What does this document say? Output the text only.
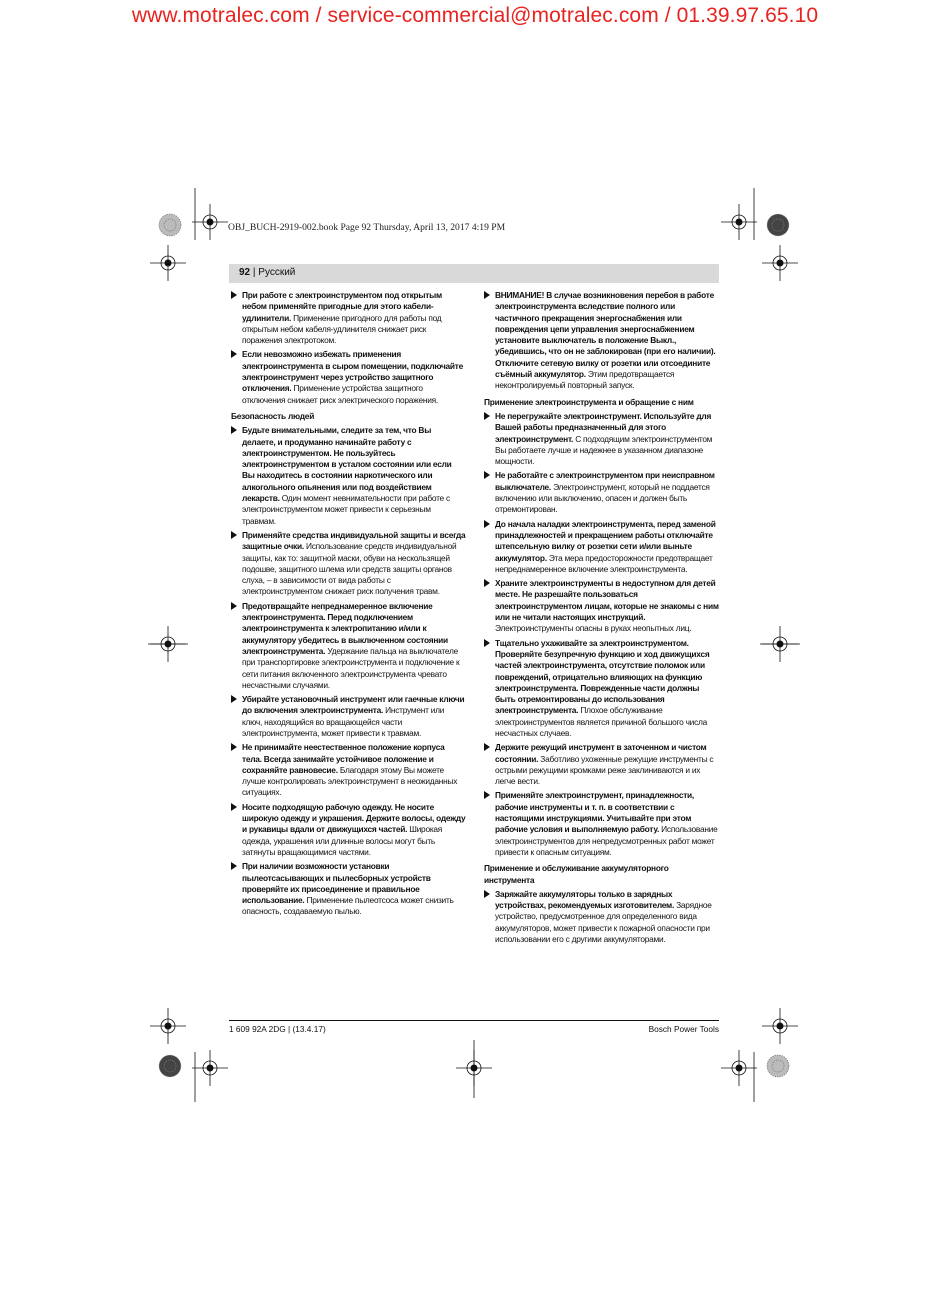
www.motralec.com / service-commercial@motralec.com / 01.39.97.65.10
OBJ_BUCH-2919-002.book Page 92 Thursday, April 13, 2017 4:19 PM
92 | Русский
При работе с электроинструментом под открытым небом применяйте пригодные для этого кабели-удлинители. Применение пригодного для работы под открытым небом кабеля-удлинителя снижает риск поражения электротоком.
Если невозможно избежать применения электроинструмента в сыром помещении, подключайте электроинструмент через устройство защитного отключения. Применение устройства защитного отключения снижает риск электрического поражения.
Безопасность людей
Будьте внимательными, следите за тем, что Вы делаете, и продуманно начинайте работу с электроинструментом. Не пользуйтесь электроинструментом в усталом состоянии или если Вы находитесь в состоянии наркотического или алкогольного опьянения или под воздействием лекарств. Один момент невнимательности при работе с электроинструментом может привести к серьезным травмам.
Применяйте средства индивидуальной защиты и всегда защитные очки. Использование средств индивидуальной защиты, как то: защитной маски, обуви на нескользящей подошве, защитного шлема или средств защиты органов слуха, – в зависимости от вида работы с электроинструментом снижает риск получения травм.
Предотвращайте непреднамеренное включение электроинструмента. Перед подключением электроинструмента к электропитанию и/или к аккумулятору убедитесь в выключенном состоянии электроинструмента. Удержание пальца на выключателе при транспортировке электроинструмента и подключение к сети питания включенного электроинструмента чревато несчастными случаями.
Убирайте установочный инструмент или гаечные ключи до включения электроинструмента. Инструмент или ключ, находящийся во вращающейся части электроинструмента, может привести к травмам.
Не принимайте неестественное положение корпуса тела. Всегда занимайте устойчивое положение и сохраняйте равновесие. Благодаря этому Вы можете лучше контролировать электроинструмент в неожиданных ситуациях.
Носите подходящую рабочую одежду. Не носите широкую одежду и украшения. Держите волосы, одежду и рукавицы вдали от движущихся частей. Широкая одежда, украшения или длинные волосы могут быть затянуты вращающимися частями.
При наличии возможности установки пылеотсасывающих и пылесборных устройств проверяйте их присоединение и правильное использование. Применение пылеотсоса может снизить опасность, создаваемую пылью.
ВНИМАНИЕ! В случае возникновения перебоя в работе электроинструмента вследствие полного или частичного прекращения энергоснабжения или повреждения цепи управления энергоснабжением установите выключатель в положение Выкл., убедившись, что он не заблокирован (при его наличии). Отключите сетевую вилку от розетки или отсоедините съёмный аккумулятор. Этим предотвращается неконтролируемый повторный запуск.
Применение электроинструмента и обращение с ним
Не перегружайте электроинструмент. Используйте для Вашей работы предназначенный для этого электроинструмент. С подходящим электроинструментом Вы работаете лучше и надежнее в указанном диапазоне мощности.
Не работайте с электроинструментом при неисправном выключателе. Электроинструмент, который не поддается включению или выключению, опасен и должен быть отремонтирован.
До начала наладки электроинструмента, перед заменой принадлежностей и прекращением работы отключайте штепсельную вилку от розетки сети и/или выньте аккумулятор. Эта мера предосторожности предотвращает непреднамеренное включение электроинструмента.
Храните электроинструменты в недоступном для детей месте. Не разрешайте пользоваться электроинструментом лицам, которые не знакомы с ним или не читали настоящих инструкций. Электроинструменты опасны в руках неопытных лиц.
Тщательно ухаживайте за электроинструментом. Проверяйте безупречную функцию и ход движущихся частей электроинструмента, отсутствие поломок или повреждений, отрицательно влияющих на функцию электроинструмента. Поврежденные части должны быть отремонтированы до использования электроинструмента. Плохое обслуживание электроинструментов является причиной большого числа несчастных случаев.
Держите режущий инструмент в заточенном и чистом состоянии. Заботливо ухоженные режущие инструменты с острыми режущими кромками реже заклиниваются и их легче вести.
Применяйте электроинструмент, принадлежности, рабочие инструменты и т. п. в соответствии с настоящими инструкциями. Учитывайте при этом рабочие условия и выполняемую работу. Использование электроинструментов для непредусмотренных работ может привести к опасным ситуациям.
Применение и обслуживание аккумуляторного инструмента
Заряжайте аккумуляторы только в зарядных устройствах, рекомендуемых изготовителем. Зарядное устройство, предусмотренное для определенного вида аккумуляторов, может привести к пожарной опасности при использовании его с другими аккумуляторами.
1 609 92A 2DG | (13.4.17)	Bosch Power Tools
